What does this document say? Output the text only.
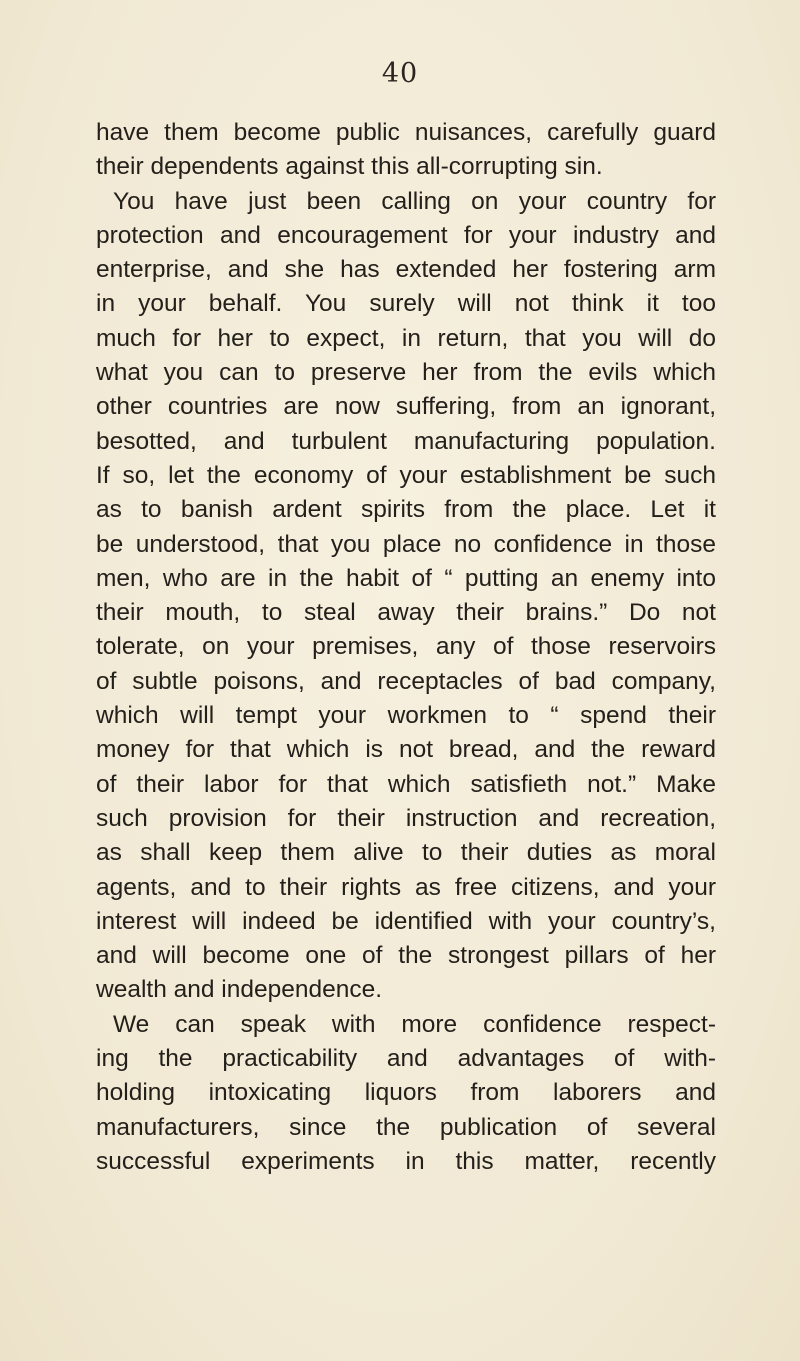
40
have them become public nuisances, carefully guard
their dependents against this all-corrupting sin.
You have just been calling on your country for
protection and encouragement for your industry and
enterprise, and she has extended her fostering arm
in your behalf. You surely will not think it too
much for her to expect, in return, that you will do
what you can to preserve her from the evils which
other countries are now suffering, from an ignorant,
besotted, and turbulent manufacturing population.
If so, let the economy of your establishment be such
as to banish ardent spirits from the place. Let it
be understood, that you place no confidence in those
men, who are in the habit of “ putting an enemy into
their mouth, to steal away their brains.” Do not
tolerate, on your premises, any of those reservoirs
of subtle poisons, and receptacles of bad company,
which will tempt your workmen to “ spend their
money for that which is not bread, and the reward
of their labor for that which satisfieth not.” Make
such provision for their instruction and recreation,
as shall keep them alive to their duties as moral
agents, and to their rights as free citizens, and your
interest will indeed be identified with your country’s,
and will become one of the strongest pillars of her
wealth and independence.
We can speak with more confidence respect-
ing the practicability and advantages of with-
holding intoxicating liquors from laborers and
manufacturers, since the publication of several
successful experiments in this matter, recently
